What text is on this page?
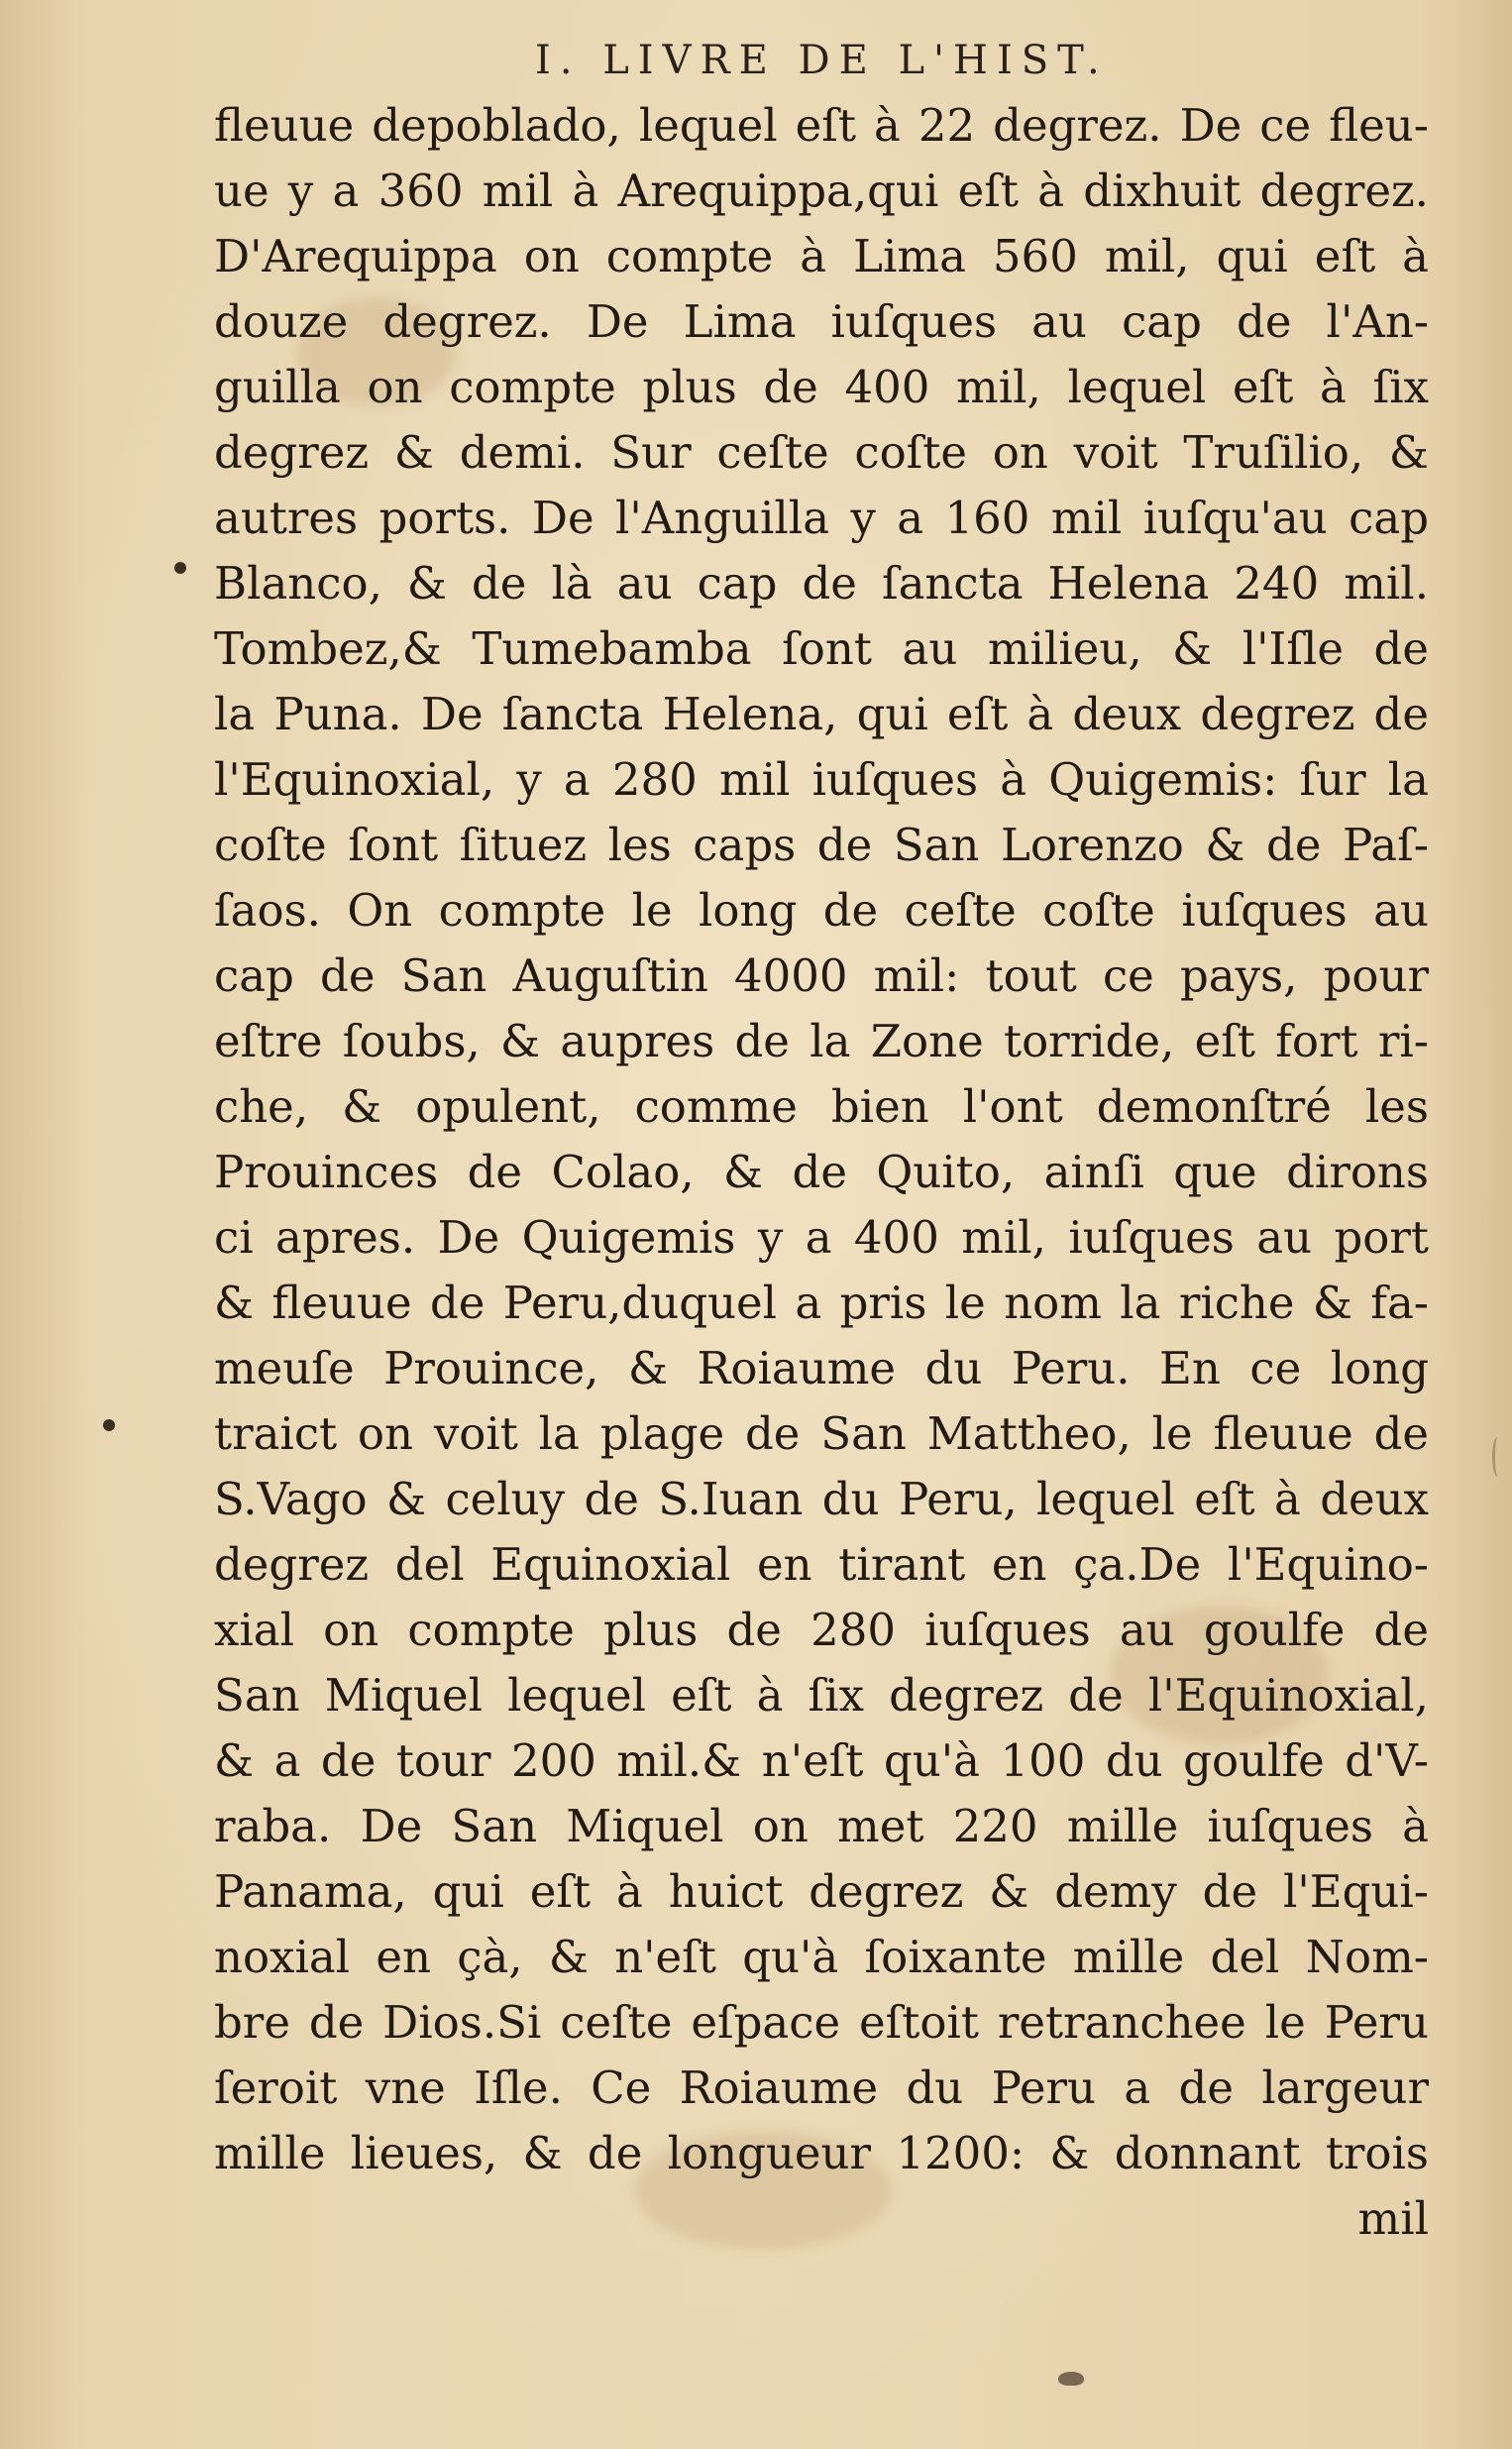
I. LIVRE DE L'HIST.
fleuue depoblado, lequel eſt à 22 degrez. De ce fleu-
ue y a 360 mil à Arequippa,qui eſt à dixhuit degrez.
D'Arequippa on compte à Lima 560 mil, qui eſt à
douze degrez. De Lima iuſques au cap de l'An-
guilla on compte plus de 400 mil, lequel eſt à ſix
degrez & demi. Sur ceſte coſte on voit Truſilio, &
autres ports. De l'Anguilla y a 160 mil iuſqu'au cap
Blanco, & de là au cap de ſancta Helena 240 mil.
Tombez,& Tumebamba ſont au milieu, & l'Iſle de
la Puna. De ſancta Helena, qui eſt à deux degrez de
l'Equinoxial, y a 280 mil iuſques à Quigemis: ſur la
coſte ſont ſituez les caps de San Lorenzo & de Paſ-
ſaos. On compte le long de ceſte coſte iuſques au
cap de San Auguſtin 4000 mil: tout ce pays, pour
eſtre ſoubs, & aupres de la Zone torride, eſt fort ri-
che, & opulent, comme bien l'ont demonſtré les
Prouinces de Colao, & de Quito, ainſi que dirons
ci apres. De Quigemis y a 400 mil, iuſques au port
& fleuue de Peru,duquel a pris le nom la riche & fa-
meuſe Prouince, & Roiaume du Peru. En ce long
traict on voit la plage de San Mattheo, le fleuue de
S.Vago & celuy de S.Iuan du Peru, lequel eſt à deux
degrez del Equinoxial en tirant en ça.De l'Equino-
xial on compte plus de 280 iuſques au goulfe de
San Miquel lequel eſt à ſix degrez de l'Equinoxial,
& a de tour 200 mil.& n'eſt qu'à 100 du goulfe d'V-
raba. De San Miquel on met 220 mille iuſques à
Panama, qui eſt à huict degrez & demy de l'Equi-
noxial en çà, & n'eſt qu'à ſoixante mille del Nom-
bre de Dios.Si ceſte eſpace eſtoit retranchee le Peru
ſeroit vne Iſle. Ce Roiaume du Peru a de largeur
mille lieues, & de longueur 1200: & donnant trois
mil
